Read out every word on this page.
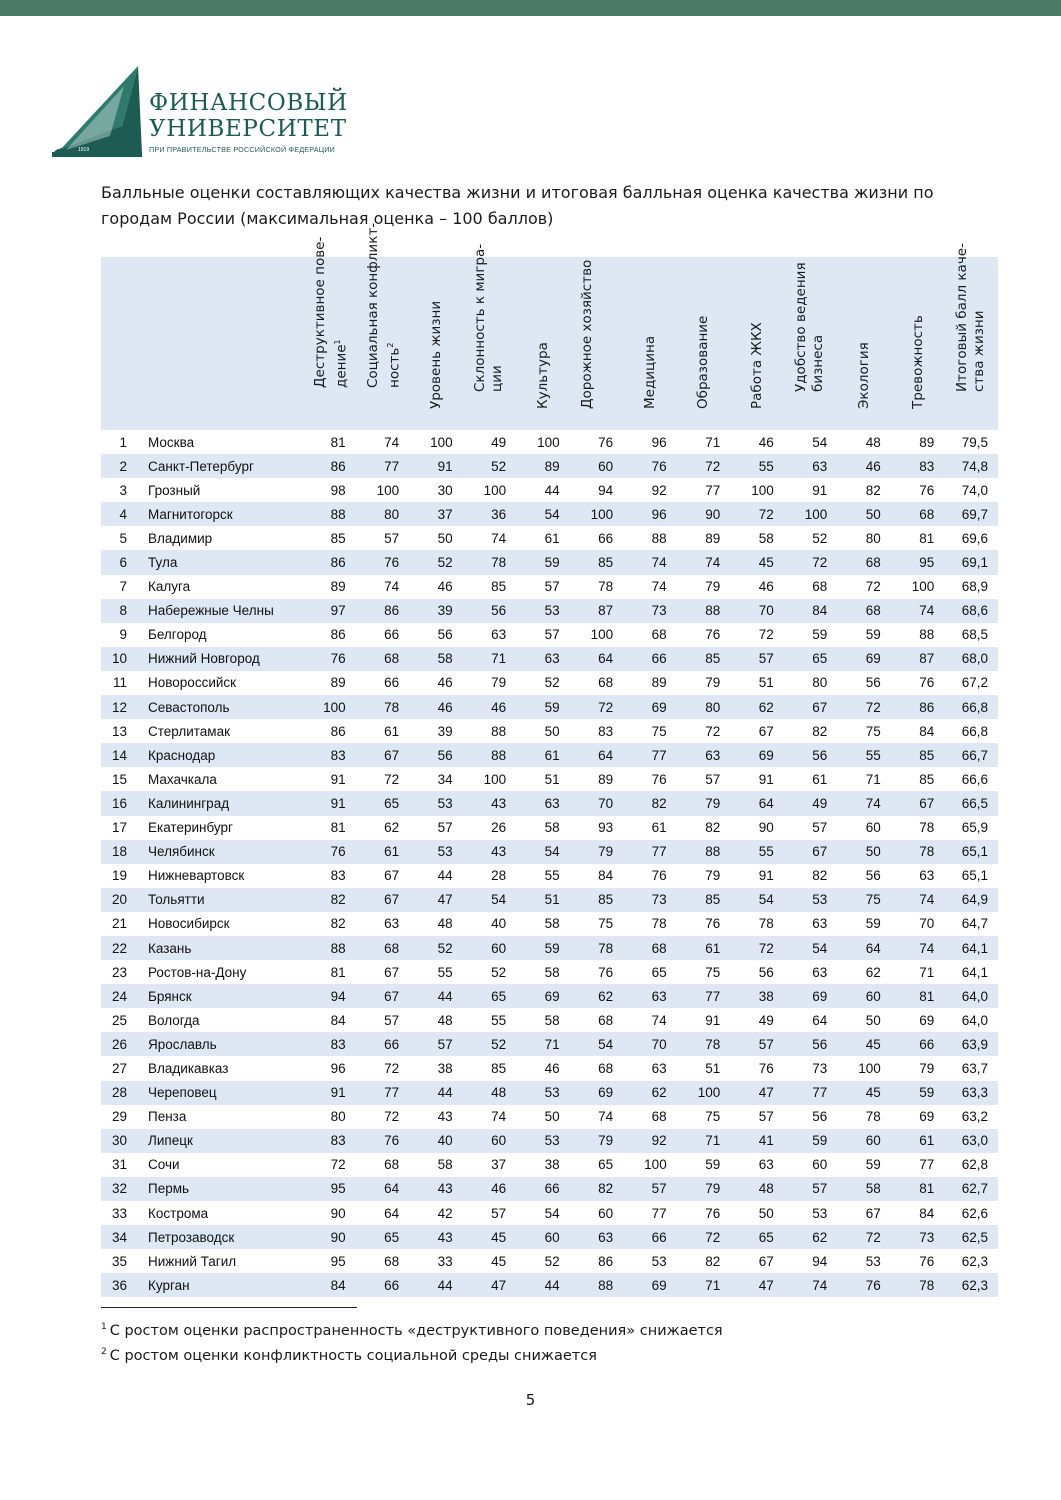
1919
ФИНАНСОВЫЙ
УНИВЕРСИТЕТ
ПРИ ПРАВИТЕЛЬСТВЕ РОССИЙСКОЙ ФЕДЕРАЦИИ
Балльные оценки составляющих качества жизни и итоговая балльная оценка качества жизни по городам России (максимальная оценка – 100 баллов)

		Деструктивное пове-дение$^1$	Социальная конфликт-ность$^2$	Уровень жизни	Склонность к мигра-ции	Культура	Дорожное хозяйство	Медицина	Образование	Работа ЖКХ	Удобство ведения бизнеса	Экология	Тревожность	Итоговый балл каче-ства жизни

1	Москва	81	74	100	49	100	76	96	71	46	54	48	89	79,5
2	Санкт-Петербург	86	77	91	52	89	60	76	72	55	63	46	83	74,8
3	Грозный	98	100	30	100	44	94	92	77	100	91	82	76	74,0
4	Магнитогорск	88	80	37	36	54	100	96	90	72	100	50	68	69,7
5	Владимир	85	57	50	74	61	66	88	89	58	52	80	81	69,6
6	Тула	86	76	52	78	59	85	74	74	45	72	68	95	69,1
7	Калуга	89	74	46	85	57	78	74	79	46	68	72	100	68,9
8	Набережные Челны	97	86	39	56	53	87	73	88	70	84	68	74	68,6
9	Белгород	86	66	56	63	57	100	68	76	72	59	59	88	68,5
10	Нижний Новгород	76	68	58	71	63	64	66	85	57	65	69	87	68,0
11	Новороссийск	89	66	46	79	52	68	89	79	51	80	56	76	67,2
12	Севастополь	100	78	46	46	59	72	69	80	62	67	72	86	66,8
13	Стерлитамак	86	61	39	88	50	83	75	72	67	82	75	84	66,8
14	Краснодар	83	67	56	88	61	64	77	63	69	56	55	85	66,7
15	Махачкала	91	72	34	100	51	89	76	57	91	61	71	85	66,6
16	Калининград	91	65	53	43	63	70	82	79	64	49	74	67	66,5
17	Екатеринбург	81	62	57	26	58	93	61	82	90	57	60	78	65,9
18	Челябинск	76	61	53	43	54	79	77	88	55	67	50	78	65,1
19	Нижневартовск	83	67	44	28	55	84	76	79	91	82	56	63	65,1
20	Тольятти	82	67	47	54	51	85	73	85	54	53	75	74	64,9
21	Новосибирск	82	63	48	40	58	75	78	76	78	63	59	70	64,7
22	Казань	88	68	52	60	59	78	68	61	72	54	64	74	64,1
23	Ростов-на-Дону	81	67	55	52	58	76	65	75	56	63	62	71	64,1
24	Брянск	94	67	44	65	69	62	63	77	38	69	60	81	64,0
25	Вологда	84	57	48	55	58	68	74	91	49	64	50	69	64,0
26	Ярославль	83	66	57	52	71	54	70	78	57	56	45	66	63,9
27	Владикавказ	96	72	38	85	46	68	63	51	76	73	100	79	63,7
28	Череповец	91	77	44	48	53	69	62	100	47	77	45	59	63,3
29	Пенза	80	72	43	74	50	74	68	75	57	56	78	69	63,2
30	Липецк	83	76	40	60	53	79	92	71	41	59	60	61	63,0
31	Сочи	72	68	58	37	38	65	100	59	63	60	59	77	62,8
32	Пермь	95	64	43	46	66	82	57	79	48	57	58	81	62,7
33	Кострома	90	64	42	57	54	60	77	76	50	53	67	84	62,6
34	Петрозаводск	90	65	43	45	60	63	66	72	65	62	72	73	62,5
35	Нижний Тагил	95	68	33	45	52	86	53	82	67	94	53	76	62,3
36	Курган	84	66	44	47	44	88	69	71	47	74	76	78	62,3
$^1$ С ростом оценки распространенность «деструктивного поведения» снижается
$^2$ С ростом оценки конфликтность социальной среды снижается
5
